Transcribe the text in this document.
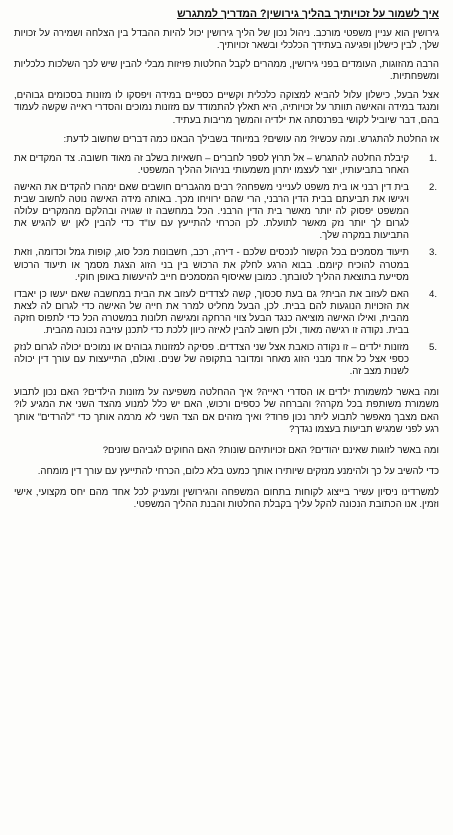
איך לשמור על זכויותיך בהליך גירושין? המדריך למתגרש

גירושין הוא עניין משפטי מורכב. ניהול נכון של הליך גירושין יכול להיות ההבדל בין הצלחה ושמירה על זכויות שלך, לבין כישלון ופגיעה בעתידך הכלכלי ובשאר זכויותיך.

הרבה מהזוגות, העומדים בפני גירושין, ממהרים לקבל החלטות פזיזות מבלי להבין שיש לכך השלכות כלכליות ומשפחתיות.

אצל הבעל, כישלון עלול להביא למצוקה כלכלית וקשיים כספיים במידה ויפסקו לו מזונות בסכומים גבוהים, ומנגד במידה והאישה תוותר על זכויותיה, היא תאלץ להתמודד עם מזונות נמוכים והסדרי ראייה שקשה לעמוד בהם, דבר שיוביל לקושי בפרנסתה את ילדיה והמשך מריבות בעתיד.

אז החלטת להתגרש. ומה עכשיו? מה עושים? במיוחד בשבילך הבאנו כמה דברים שחשוב לדעת:

1.
קיבלת החלטה להתגרש – אל תרוץ לספר לחברים – חשאיות בשלב זה מאוד חשובה. צד המקדים את האחר בתביעותיו, יוצר לעצמו יתרון משמעותי בניהול ההליך המשפטי.
2.
בית דין רבני או בית משפט לענייני משפחה? רבים מהגברים חושבים שאם ימהרו להקדים את האישה ויגישו את תביעתם בבית הדין הרבני, הרי שהם ירוויחו מכך. באותה מידה האישה נוטה לחשוב שבית המשפט יפסוק לה יותר מאשר בית הדין הרבני. הכל במחשבה זו שגויה ובהלקם מהמקרים עלולה לגרום לך יותר נזק מאשר לתועלת. לכן הכרחי להתייעץ עם עו"ד כדי להבין לאן יש להגיש את התביעות במקרה שלך.
3.
תיעוד מסמכים בכל הקשור לנכסים שלכם - דירה, רכב, חשבונות מכל סוג, קופות גמל וכדומה, וזאת במטרה להוכיח קיומם. בבוא הרגע לחלק את הרכוש בין בני הזוג הצגת מסמך או תיעוד הרכוש מסייעת בתוצאת ההליך לטובתך. כמובן שאיסוף המסמכים חייב להיעשות באופן חוקי.
4.
האם לעזוב את הבית? גם בעת סכסוך, קשה לצדדים לעזוב את הבית במחשבה שאם יעשו כן יאבדו את הזכויות הנוגעות להם בבית. לכן, הבעל מחליט למרר את חייה של האישה כדי לגרום לה לצאת מהבית, ואילו האישה מוציאה כנגד הבעל צווי הרחקה ומגישה תלונות במשטרה הכל כדי לתפוס חזקה בבית. נקודה זו רגישה מאוד, ולכן חשוב להבין לאיזה כיוון ללכת כדי לתכנן עזיבה נכונה מהבית.
5.
מזונות ילדים – זו נקודה כואבת אצל שני הצדדים. פסיקה למזונות גבוהים או נמוכים יכולה לגרום לנזק כספי אצל כל אחד מבני הזוג מאחר ומדובר בתקופה של שנים. ואולם, התייעצות עם עורך דין יכולה לשנות מצב זה.

ומה באשר למשמורת ילדים או הסדרי ראייה? איך ההחלטה משפיעה על מזונות הילדים? האם נכון לתבוע משמורת משותפת בכל מקרה? והברחה של כספים ורכוש, האם יש כלל למנוע מהצד השני את המגיע לו? האם מצבך מאפשר לתבוע ליתר נכון פרוד? ואיך מזהים אם הצד השני לא מרמה אותך כדי "להרדים" אותך רגע לפני שמגיש תביעות בעצמו נגדך?

ומה באשר לזוגות שאינם יהודים? האם זכויותיהם שונות? האם החוקים לגביהם שונים?

כדי להשיב על כך ולהימנע מנזקים שיותירו אותך כמעט בלא כלום, הכרחי להתייעץ עם עורך דין מומחה.

למשרדינו ניסיון עשיר בייצוג לקוחות בתחום המשפחה והגירושין ומעניק לכל אחד מהם יחס מקצועי, אישי וזמין. אנו הכתובת הנכונה להקל עליך בקבלת החלטות והבנת ההליך המשפטי.
